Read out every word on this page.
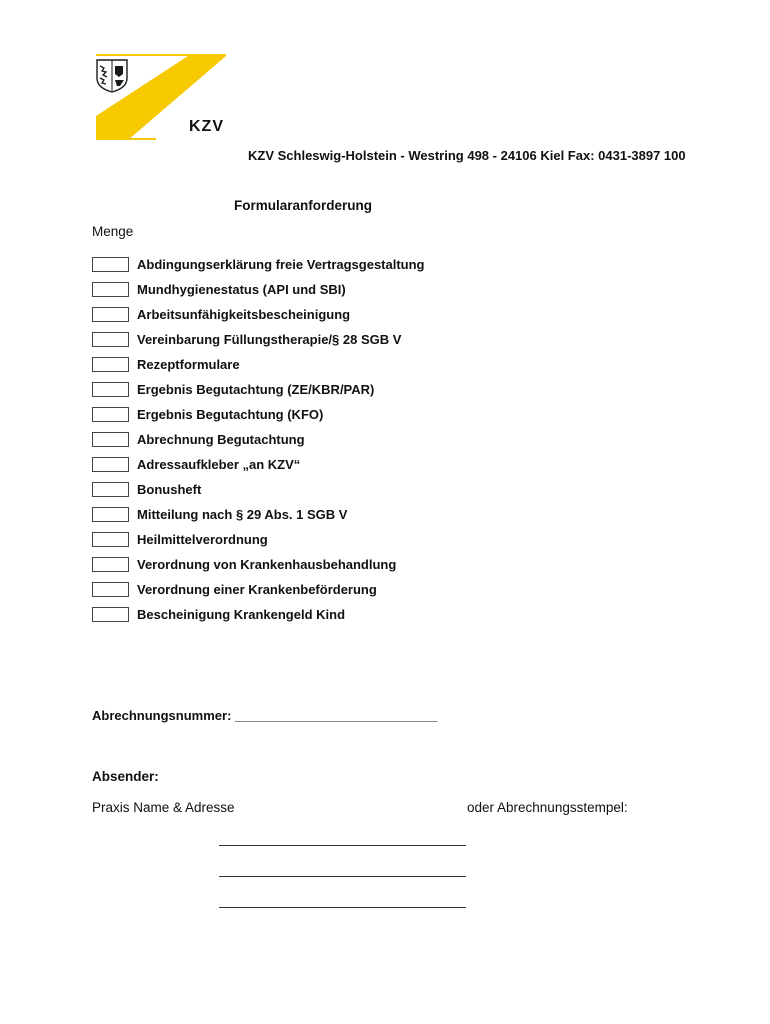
KZV
KZV Schleswig-Holstein - Westring 498 - 24106 Kiel Fax: 0431-3897 100
Formularanforderung
Menge
Abdingungserklärung freie Vertragsgestaltung
Mundhygienestatus (API und SBI)
Arbeitsunfähigkeitsbescheinigung
Vereinbarung Füllungstherapie/§ 28 SGB V
Rezeptformulare
Ergebnis Begutachtung (ZE/KBR/PAR)
Ergebnis Begutachtung (KFO)
Abrechnung Begutachtung
Adressaufkleber „an KZV“
Bonusheft
Mitteilung nach § 29 Abs. 1 SGB V
Heilmittelverordnung
Verordnung von Krankenhausbehandlung
Verordnung einer Krankenbeförderung
Bescheinigung Krankengeld Kind
Abrechnungsnummer: ____________________________
Absender:
Praxis Name & Adresse	oder Abrechnungsstempel:
